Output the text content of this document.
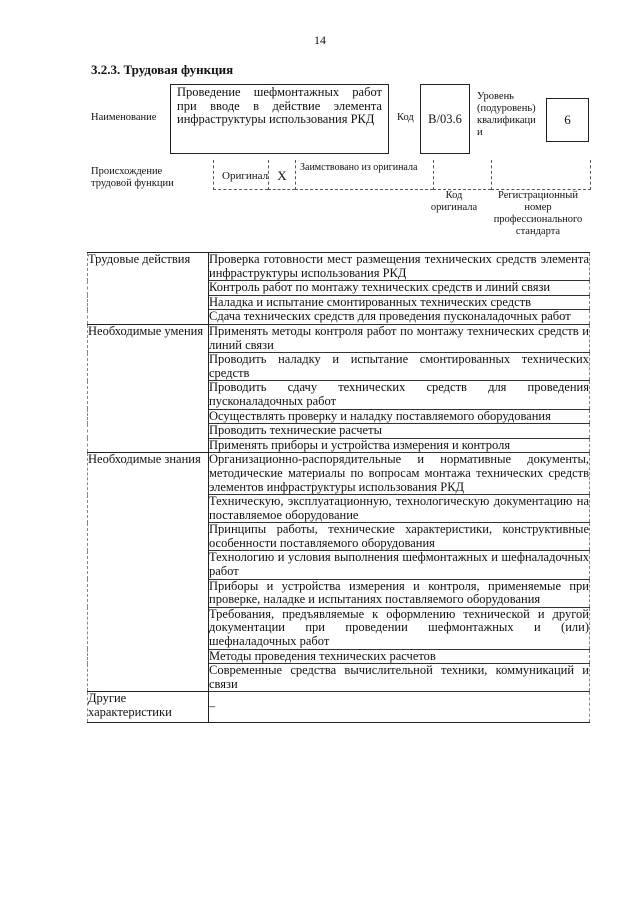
14
3.2.3. Трудовая функция
Наименование
Проведение шефмонтажных работ при вводе в действие элемента инфраструктуры использования РКД	Код В/03.6
Уровень (подуровень) квалификаци и
6
Происхождение трудовой функции
Оригинал X
Заимствовано из оригинала
Код оригинала
Регистрационный номер профессионального стандарта
Трудовые действия	Проверка готовности мест размещения технических средств элемента инфраструктуры использования РКД
	Контроль работ по монтажу технических средств и линий связи
	Наладка и испытание смонтированных технических средств
	Сдача технических средств для проведения пусконаладочных работ
Необходимые умения	Применять методы контроля работ по монтажу технических средств и линий связи
	Проводить наладку и испытание смонтированных технических средств
	Проводить сдачу технических средств для проведения пусконаладочных работ
	Осуществлять проверку и наладку поставляемого оборудования
	Проводить технические расчеты
	Применять приборы и устройства измерения и контроля
Необходимые знания	Организационно-распорядительные и нормативные документы, методические материалы по вопросам монтажа технических средств элементов инфраструктуры использования РКД
	Техническую, эксплуатационную, технологическую документацию на поставляемое оборудование
	Принципы работы, технические характеристики, конструктивные особенности поставляемого оборудования
	Технологию и условия выполнения шефмонтажных и шефналадочных работ
	Приборы и устройства измерения и контроля, применяемые при проверке, наладке и испытаниях поставляемого оборудования
	Требования, предъявляемые к оформлению технической и другой документации при проведении шефмонтажных и (или) шефналадочных работ
	Методы проведения технических расчетов
	Современные средства вычислительной техники, коммуникаций и связи
Другие характеристики	–
